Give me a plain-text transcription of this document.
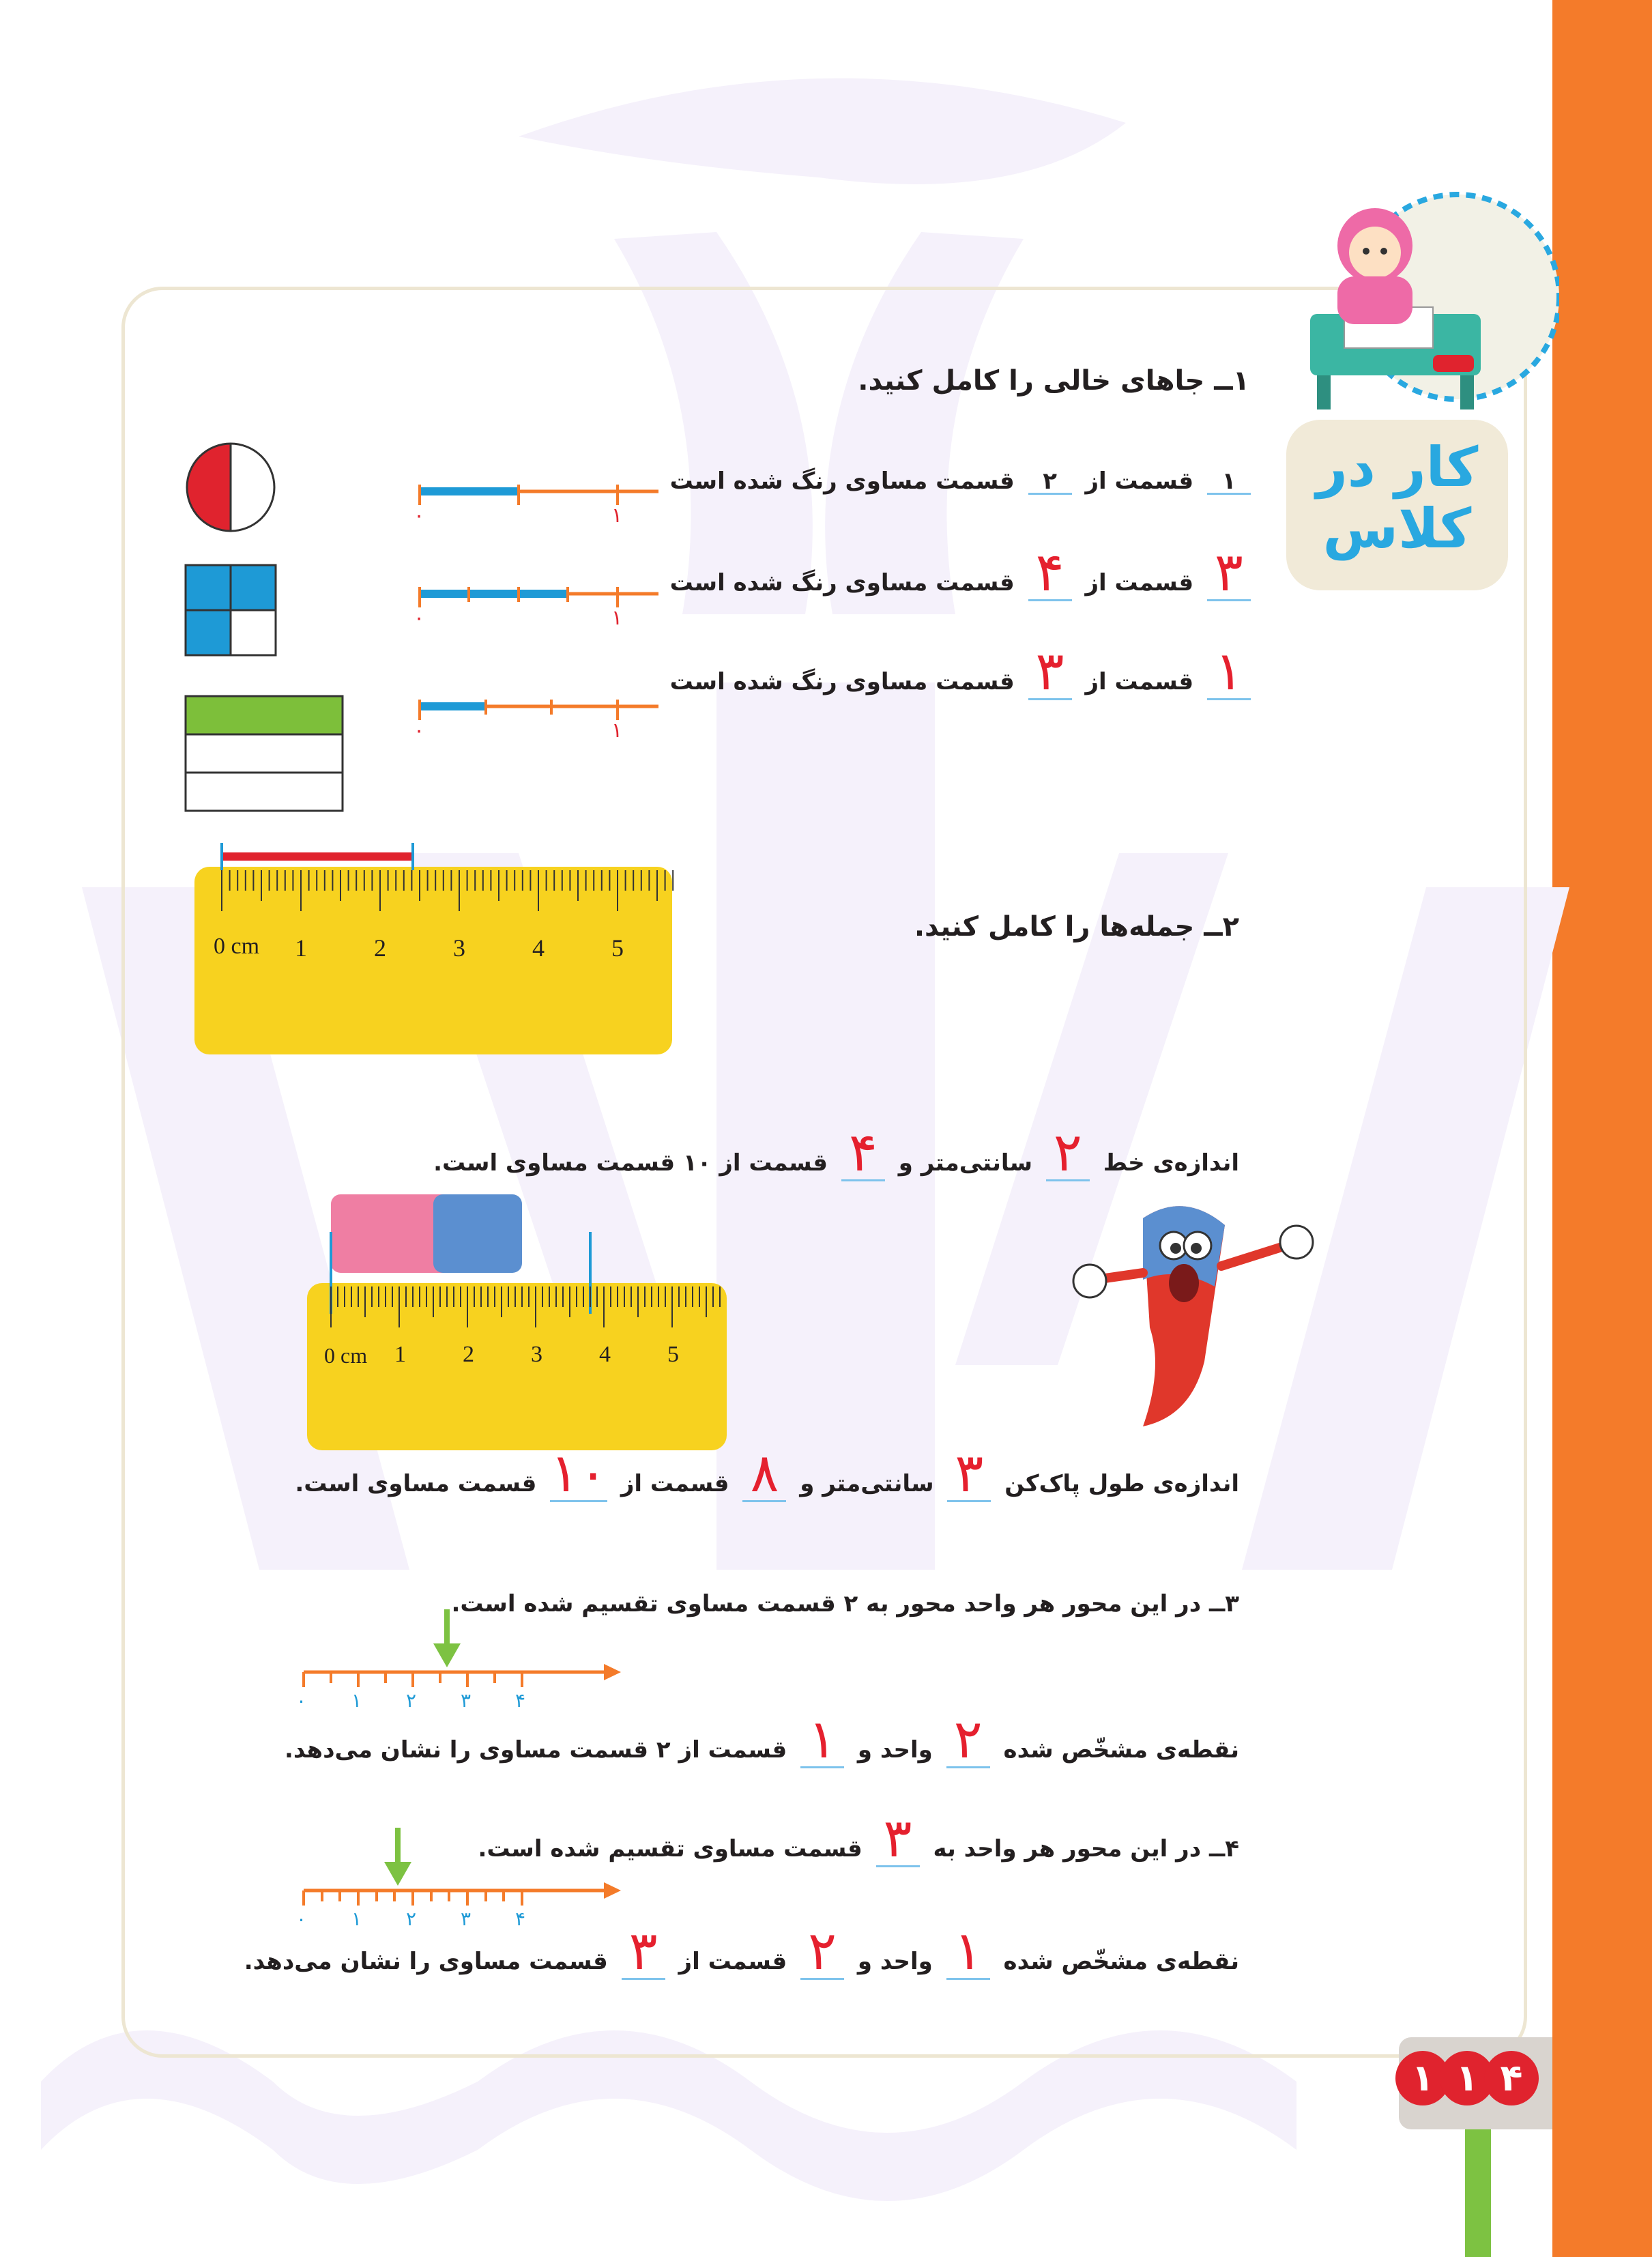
کار در کلاس
۱ــ جاهای خالی را کامل کنید.
۱ قسمت از ۲ قسمت مساوی رنگ شده است
۳ قسمت از ۴ قسمت مساوی رنگ شده است
۱ قسمت از ۳ قسمت مساوی رنگ شده است
۰	۱
۰	۱
۰	۱
۲ــ جمله‌ها را کامل کنید.
0 cm 1	2	3	4	5
اندازه‌ی خط ۲ سانتی‌متر و ۴ قسمت از ۱۰ قسمت مساوی است.
0 cm 1 2 3 4 5
اندازه‌ی طول پاک‌کن ۳ سانتی‌متر و ۸ قسمت از ۱۰ قسمت مساوی است.
۳ــ در این محور هر واحد محور به ۲ قسمت مساوی تقسیم شده است.
۰ ۱ ۲ ۳ ۴
نقطه‌ی مشخّص شده ۲ واحد و ۱ قسمت از ۲ قسمت مساوی را نشان می‌دهد.
۴ــ در این محور هر واحد به ۳ قسمت مساوی تقسیم شده است.
۰ ۱ ۲ ۳ ۴
نقطه‌ی مشخّص شده ۱ واحد و ۲ قسمت از ۳ قسمت مساوی را نشان می‌دهد.
۱ ۱ ۴
